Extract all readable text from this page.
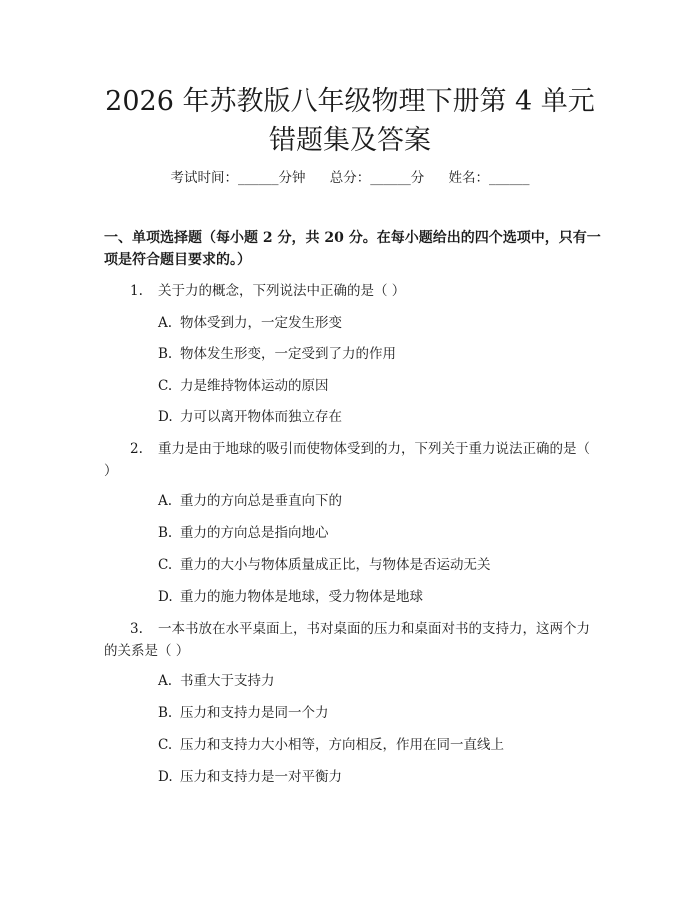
2026 年苏教版八年级物理下册第 4 单元错题集及答案
考试时间：______分钟 总分：______分 姓名：______
一、单项选择题（每小题 2 分，共 20 分。在每小题给出的四个选项中，只有一项是符合题目要求的。）
1. 关于力的概念，下列说法中正确的是（ ）
A. 物体受到力，一定发生形变
B. 物体发生形变，一定受到了力的作用
C. 力是维持物体运动的原因
D. 力可以离开物体而独立存在
2. 重力是由于地球的吸引而使物体受到的力，下列关于重力说法正确的是（ ）
A. 重力的方向总是垂直向下的
B. 重力的方向总是指向地心
C. 重力的大小与物体质量成正比，与物体是否运动无关
D. 重力的施力物体是地球，受力物体是地球
3. 一本书放在水平桌面上，书对桌面的压力和桌面对书的支持力，这两个力的关系是（ ）
A. 书重大于支持力
B. 压力和支持力是同一个力
C. 压力和支持力大小相等，方向相反，作用在同一直线上
D. 压力和支持力是一对平衡力
